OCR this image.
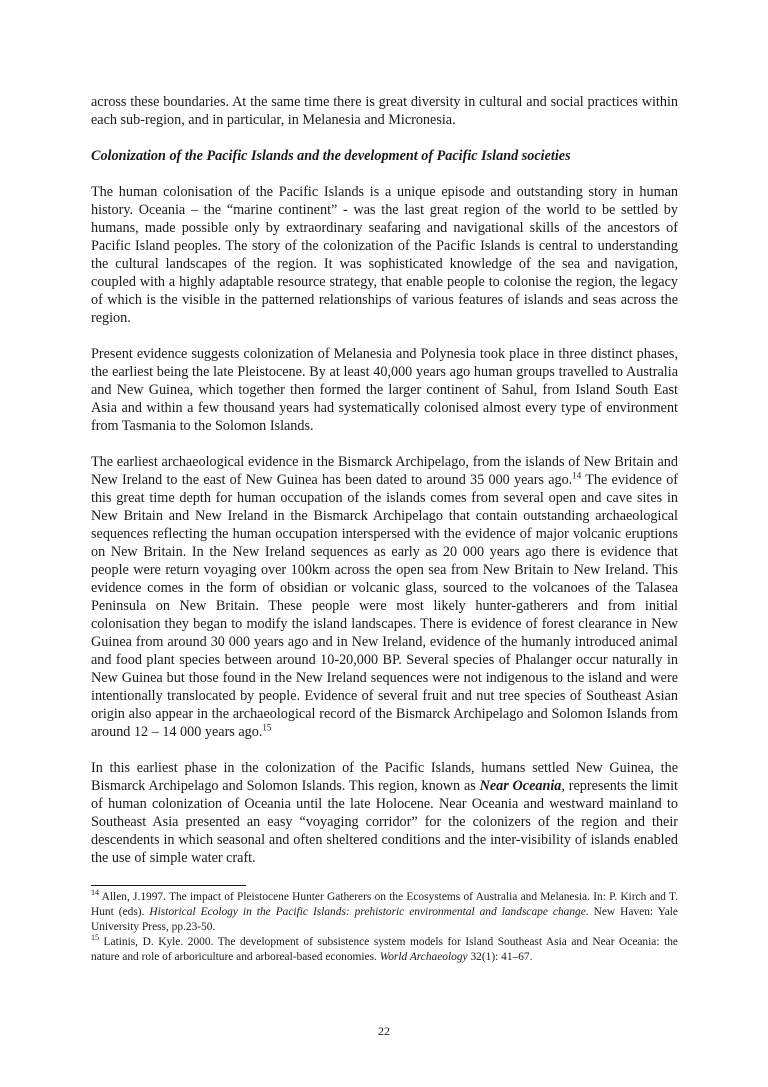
across these boundaries. At the same time there is great diversity in cultural and social practices within each sub-region, and in particular, in Melanesia and Micronesia.

Colonization of the Pacific Islands and the development of Pacific Island societies

The human colonisation of the Pacific Islands is a unique episode and outstanding story in human history. Oceania – the “marine continent” - was the last great region of the world to be settled by humans, made possible only by extraordinary seafaring and navigational skills of the ancestors of Pacific Island peoples. The story of the colonization of the Pacific Islands is central to understanding the cultural landscapes of the region. It was sophisticated knowledge of the sea and navigation, coupled with a highly adaptable resource strategy, that enable people to colonise the region, the legacy of which is the visible in the patterned relationships of various features of islands and seas across the region.

Present evidence suggests colonization of Melanesia and Polynesia took place in three distinct phases, the earliest being the late Pleistocene. By at least 40,000 years ago human groups travelled to Australia and New Guinea, which together then formed the larger continent of Sahul, from Island South East Asia and within a few thousand years had systematically colonised almost every type of environment from Tasmania to the Solomon Islands.

The earliest archaeological evidence in the Bismarck Archipelago, from the islands of New Britain and New Ireland to the east of New Guinea has been dated to around 35 000 years ago.$^{14}$ The evidence of this great time depth for human occupation of the islands comes from several open and cave sites in New Britain and New Ireland in the Bismarck Archipelago that contain outstanding archaeological sequences reflecting the human occupation interspersed with the evidence of major volcanic eruptions on New Britain. In the New Ireland sequences as early as 20 000 years ago there is evidence that people were return voyaging over 100km across the open sea from New Britain to New Ireland. This evidence comes in the form of obsidian or volcanic glass, sourced to the volcanoes of the Talasea Peninsula on New Britain. These people were most likely hunter-gatherers and from initial colonisation they began to modify the island landscapes. There is evidence of forest clearance in New Guinea from around 30 000 years ago and in New Ireland, evidence of the humanly introduced animal and food plant species between around 10-20,000 BP. Several species of Phalanger occur naturally in New Guinea but those found in the New Ireland sequences were not indigenous to the island and were intentionally translocated by people. Evidence of several fruit and nut tree species of Southeast Asian origin also appear in the archaeological record of the Bismarck Archipelago and Solomon Islands from around 12 – 14 000 years ago.$^{15}$

In this earliest phase in the colonization of the Pacific Islands, humans settled New Guinea, the Bismarck Archipelago and Solomon Islands. This region, known as Near Oceania, represents the limit of human colonization of Oceania until the late Holocene. Near Oceania and westward mainland to Southeast Asia presented an easy “voyaging corridor” for the colonizers of the region and their descendents in which seasonal and often sheltered conditions and the inter-visibility of islands enabled the use of simple water craft.

$^{14}$ Allen, J.1997. The impact of Pleistocene Hunter Gatherers on the Ecosystems of Australia and Melanesia. In: P. Kirch and T. Hunt (eds). Historical Ecology in the Pacific Islands: prehistoric environmental and landscape change. New Haven: Yale University Press, pp.23-50.

$^{15}$ Latinis, D. Kyle. 2000. The development of subsistence system models for Island Southeast Asia and Near Oceania: the nature and role of arboriculture and arboreal-based economies. World Archaeology 32(1): 41–67.

22
